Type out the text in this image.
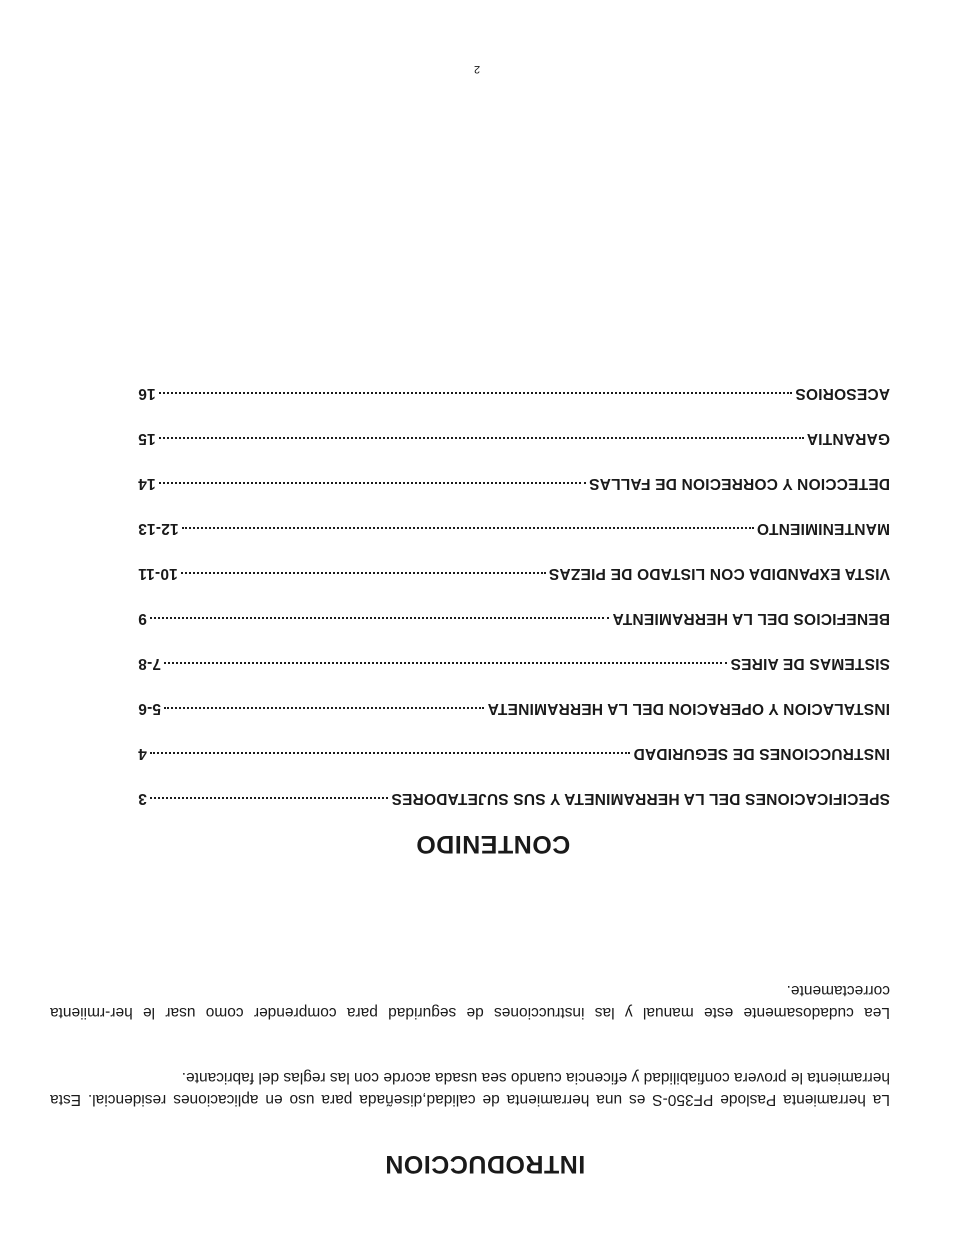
INTRODUCCION

La herramienta Paslode PF350-S es una herramienta de calidad,diseñada para uso en aplicaciones residencial. Esta herramienta le provera confiabilidad y eficencia cuando sea usada acorde con las reglas del fabricante.

Lea cudadosamente este manual y las instrucciones de seguridad para comprender como usar le her-rmiienta correctamente.

CONTENIDO
SPECIFICACIONES DEL LA HERRAMINETA Y SUS SUJETADORES
3
INSTRUCCIONES DE SEGURIDAD
4
INSTALACION Y OPERACION DEL LA HERRAMINETA
5-6
SISTEMAS DE AIRES
7-8
BENEFICIOS DEL LA HERRAMIENTA
9
VISTA EXPANDIDA CON LISTADO DE PIEZAS
10-11
MANTENIMIENTO
12-13
DETECCION Y CORRECION DE FALLAS
14
GARANTIA
15
ACESORIOS
16

2
